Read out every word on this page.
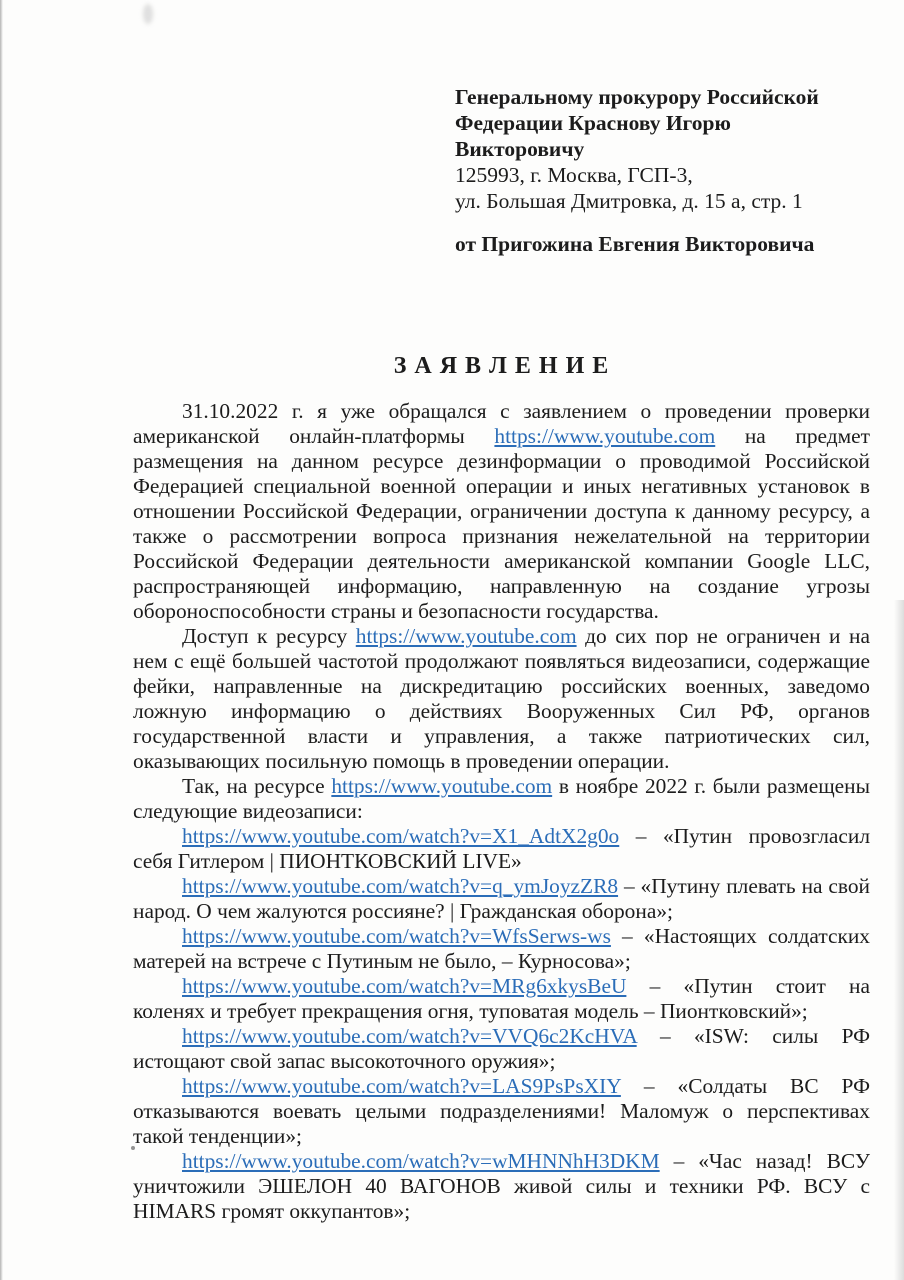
Генеральному прокурору Российской
Федерации Краснову Игорю
Викторовичу
125993, г. Москва, ГСП-3,
ул. Большая Дмитровка, д. 15 а, стр. 1
от Пригожина Евгения Викторовича
З А Я В Л Е Н И Е

31.10.2022 г. я уже обращался с заявлением о проведении проверки американской онлайн-платформы https://www.youtube.com на предмет размещения на данном ресурсе дезинформации о проводимой Российской Федерацией специальной военной операции и иных негативных установок в отношении Российской Федерации, ограничении доступа к данному ресурсу, а также о рассмотрении вопроса признания нежелательной на территории Российской Федерации деятельности американской компании Google LLC, распространяющей информацию, направленную на создание угрозы обороноспособности страны и безопасности государства.

Доступ к ресурсу https://www.youtube.com до сих пор не ограничен и на нем с ещё большей частотой продолжают появляться видеозаписи, содержащие фейки, направленные на дискредитацию российских военных, заведомо ложную информацию о действиях Вооруженных Сил РФ, органов государственной власти и управления, а также патриотических сил, оказывающих посильную помощь в проведении операции.

Так, на ресурсе https://www.youtube.com в ноябре 2022 г. были размещены следующие видеозаписи:

https://www.youtube.com/watch?v=X1_AdtX2g0o – «Путин провозгласил себя Гитлером | ПИОНТКОВСКИЙ LIVE»

https://www.youtube.com/watch?v=q_ymJoyzZR8 – «Путину плевать на свой народ. О чем жалуются россияне? | Гражданская оборона»;

https://www.youtube.com/watch?v=WfsSerws-ws – «Настоящих солдатских матерей на встрече с Путиным не было, – Курносова»;

https://www.youtube.com/watch?v=MRg6xkysBeU – «Путин стоит на коленях и требует прекращения огня, туповатая модель – Пионтковский»;

https://www.youtube.com/watch?v=VVQ6c2KcHVA – «ISW: силы РФ истощают свой запас высокоточного оружия»;

https://www.youtube.com/watch?v=LAS9PsPsXIY – «Солдаты ВС РФ отказываются воевать целыми подразделениями! Маломуж о перспективах такой тенденции»;

https://www.youtube.com/watch?v=wMHNNhH3DKM – «Час назад! ВСУ уничтожили ЭШЕЛОН 40 ВАГОНОВ живой силы и техники РФ. ВСУ с HIMARS громят оккупантов»;
